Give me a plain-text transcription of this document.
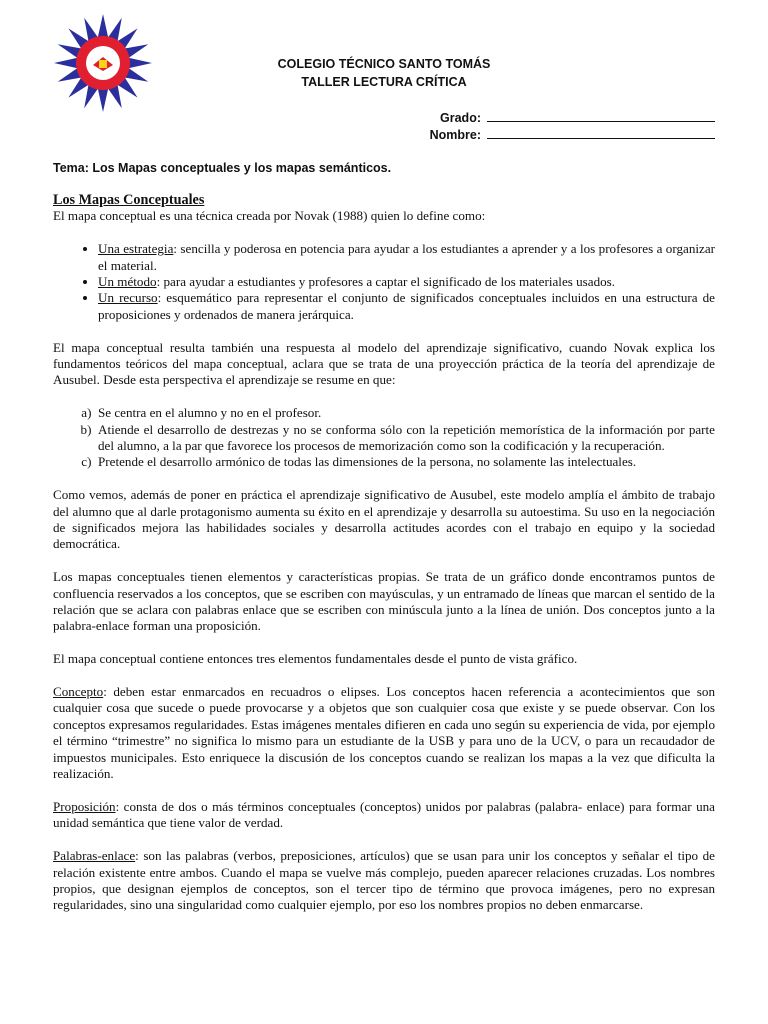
COLEGIO TÉCNICO SANTO TOMÁS
TALLER LECTURA CRÍTICA
Grado:
Nombre:
Tema: Los Mapas conceptuales y los mapas semánticos.
Los Mapas Conceptuales
El mapa conceptual es una técnica creada por Novak (1988) quien lo define como:
• Una estrategia: sencilla y poderosa en potencia para ayudar a los estudiantes a aprender y a los profesores a organizar el material.
• Un método: para ayudar a estudiantes y profesores a captar el significado de los materiales usados.
• Un recurso: esquemático para representar el conjunto de significados conceptuales incluidos en una estructura de proposiciones y ordenados de manera jerárquica.

El mapa conceptual resulta también una respuesta al modelo del aprendizaje significativo, cuando Novak explica los fundamentos teóricos del mapa conceptual, aclara que se trata de una proyección práctica de la teoría del aprendizaje de Ausubel. Desde esta perspectiva el aprendizaje se resume en que:

a. Se centra en el alumno y no en el profesor.
b. Atiende el desarrollo de destrezas y no se conforma sólo con la repetición memorística de la información por parte del alumno, a la par que favorece los procesos de memorización como son la codificación y la recuperación.
c. Pretende el desarrollo armónico de todas las dimensiones de la persona, no solamente las intelectuales.

Como vemos, además de poner en práctica el aprendizaje significativo de Ausubel, este modelo amplía el ámbito de trabajo del alumno que al darle protagonismo aumenta su éxito en el aprendizaje y desarrolla su autoestima. Su uso en la negociación de significados mejora las habilidades sociales y desarrolla actitudes acordes con el trabajo en equipo y la sociedad democrática.

Los mapas conceptuales tienen elementos y características propias. Se trata de un gráfico donde encontramos puntos de confluencia reservados a los conceptos, que se escriben con mayúsculas, y un entramado de líneas que marcan el sentido de la relación que se aclara con palabras enlace que se escriben con minúscula junto a la línea de unión. Dos conceptos junto a la palabra-enlace forman una proposición.

El mapa conceptual contiene entonces tres elementos fundamentales desde el punto de vista gráfico.

Concepto: deben estar enmarcados en recuadros o elipses. Los conceptos hacen referencia a acontecimientos que son cualquier cosa que sucede o puede provocarse y a objetos que son cualquier cosa que existe y se puede observar. Con los conceptos expresamos regularidades. Estas imágenes mentales difieren en cada uno según su experiencia de vida, por ejemplo el término “trimestre” no significa lo mismo para un estudiante de la USB y para uno de la UCV, o para un recaudador de impuestos municipales. Esto enriquece la discusión de los conceptos cuando se realizan los mapas a la vez que dificulta la realización.

Proposición: consta de dos o más términos conceptuales (conceptos) unidos por palabras (palabra- enlace) para formar una unidad semántica que tiene valor de verdad.

Palabras-enlace: son las palabras (verbos, preposiciones, artículos) que se usan para unir los conceptos y señalar el tipo de relación existente entre ambos. Cuando el mapa se vuelve más complejo, pueden aparecer relaciones cruzadas. Los nombres propios, que designan ejemplos de conceptos, son el tercer tipo de término que provoca imágenes, pero no expresan regularidades, sino una singularidad como cualquier ejemplo, por eso los nombres propios no deben enmarcarse.
